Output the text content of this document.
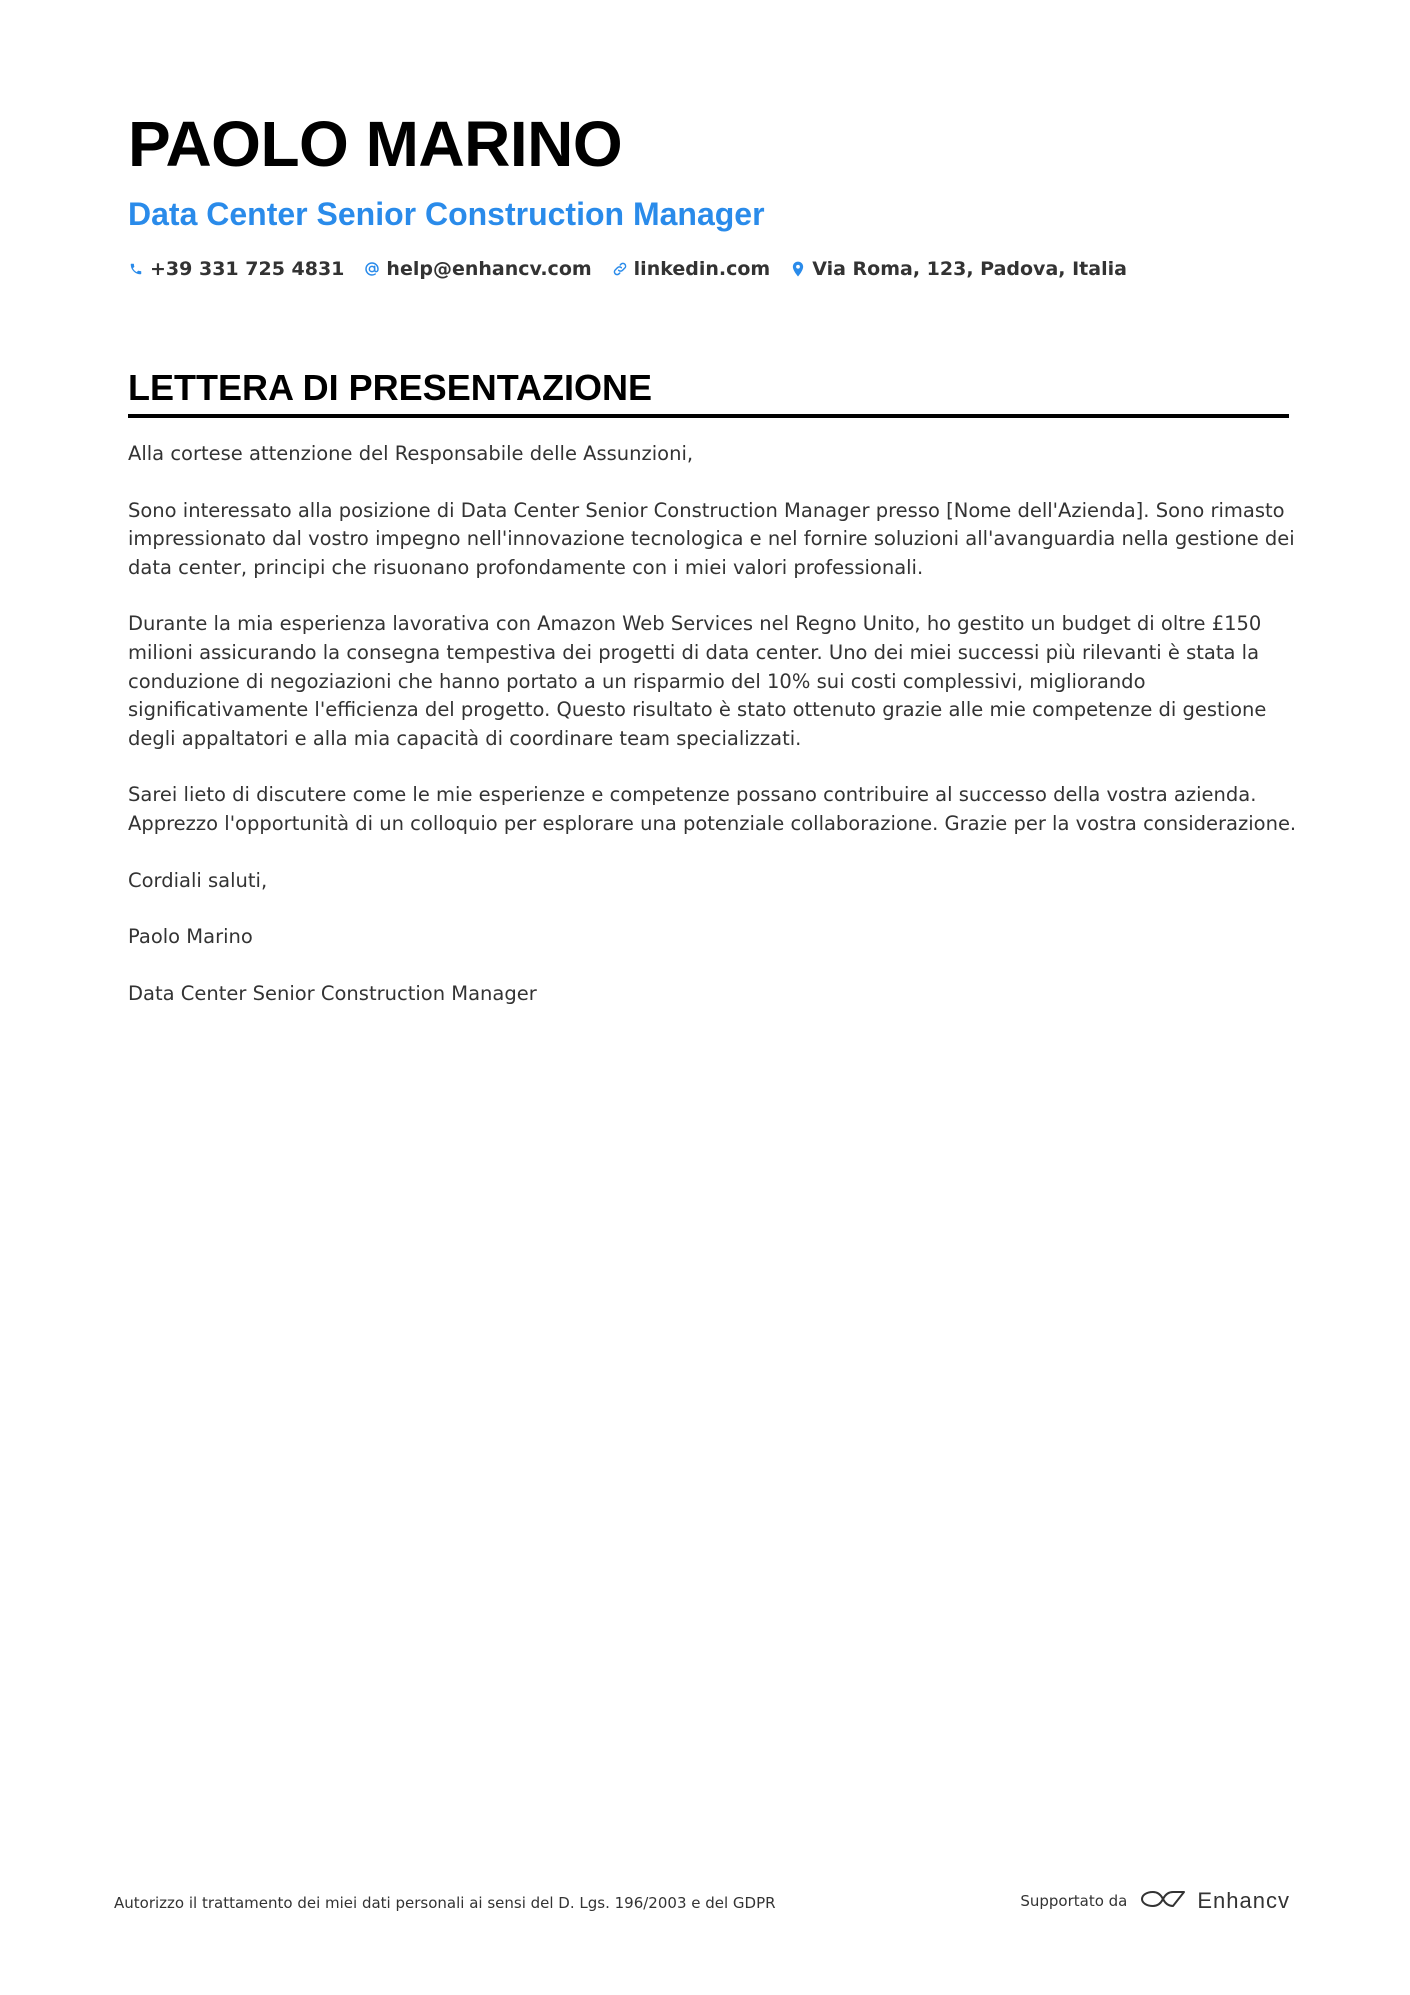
PAOLO MARINO
Data Center Senior Construction Manager
+39 331 725 4831 help@enhancv.com linkedin.com Via Roma, 123, Padova, Italia
LETTERA DI PRESENTAZIONE

Alla cortese attenzione del Responsabile delle Assunzioni,

Sono interessato alla posizione di Data Center Senior Construction Manager presso [Nome dell'Azienda]. Sono rimasto impressionato dal vostro impegno nell'innovazione tecnologica e nel fornire soluzioni all'avanguardia nella gestione dei data center, principi che risuonano profondamente con i miei valori professionali.

Durante la mia esperienza lavorativa con Amazon Web Services nel Regno Unito, ho gestito un budget di oltre £150 milioni assicurando la consegna tempestiva dei progetti di data center. Uno dei miei successi più rilevanti è stata la conduzione di negoziazioni che hanno portato a un risparmio del 10% sui costi complessivi, migliorando significativamente l'efficienza del progetto. Questo risultato è stato ottenuto grazie alle mie competenze di gestione degli appaltatori e alla mia capacità di coordinare team specializzati.

Sarei lieto di discutere come le mie esperienze e competenze possano contribuire al successo della vostra azienda. Apprezzo l'opportunità di un colloquio per esplorare una potenziale collaborazione. Grazie per la vostra considerazione.

Cordiali saluti,

Paolo Marino

Data Center Senior Construction Manager

Autorizzo il trattamento dei miei dati personali ai sensi del D. Lgs. 196/2003 e del GDPR	Supportato da	Enhancv
